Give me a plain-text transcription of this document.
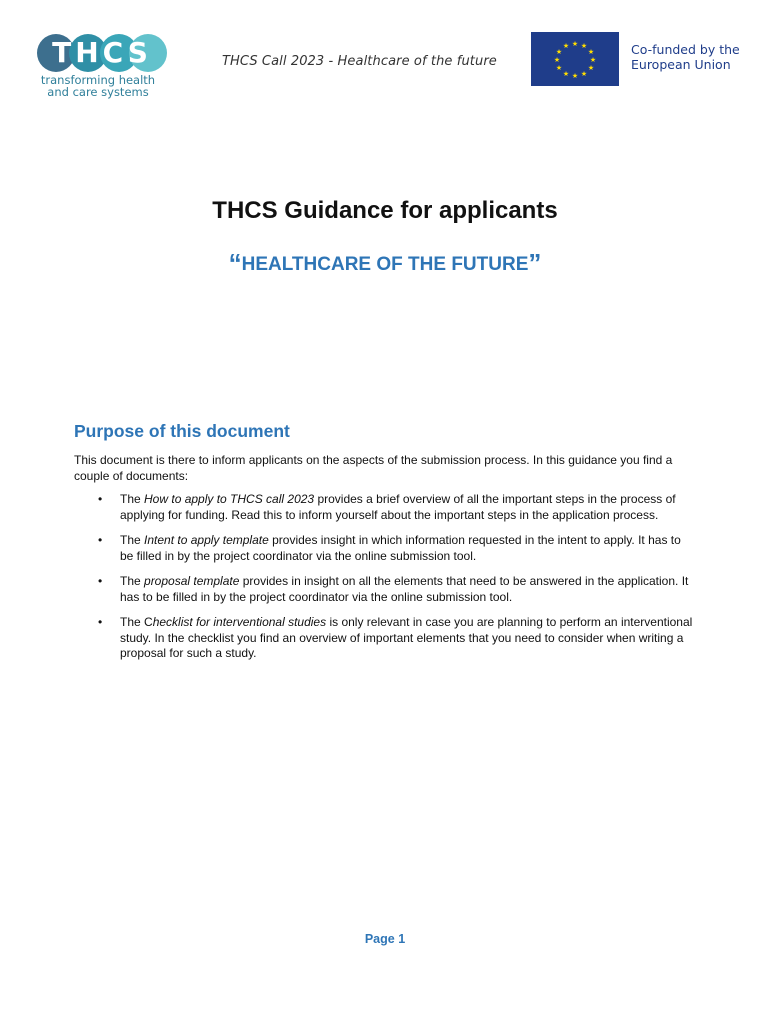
THCS
transforming health
and care systems
THCS Call 2023 - Healthcare of the future
★ ★
★
★
★
★
★
★
★
★
★
★	Co-funded by the
European Union
THCS Guidance for applicants
“HEALTHCARE OF THE FUTURE”
Purpose of this document

This document is there to inform applicants on the aspects of the submission process. In this guidance you find a couple of documents:

• The How to apply to THCS call 2023 provides a brief overview of all the important steps in the process of applying for funding. Read this to inform yourself about the important steps in the application process.
• The Intent to apply template provides insight in which information requested in the intent to apply. It has to be filled in by the project coordinator via the online submission tool.
• The proposal template provides in insight on all the elements that need to be answered in the application. It has to be filled in by the project coordinator via the online submission tool.
• The Checklist for interventional studies is only relevant in case you are planning to perform an interventional study. In the checklist you find an overview of important elements that you need to consider when writing a proposal for such a study.
Page 1
